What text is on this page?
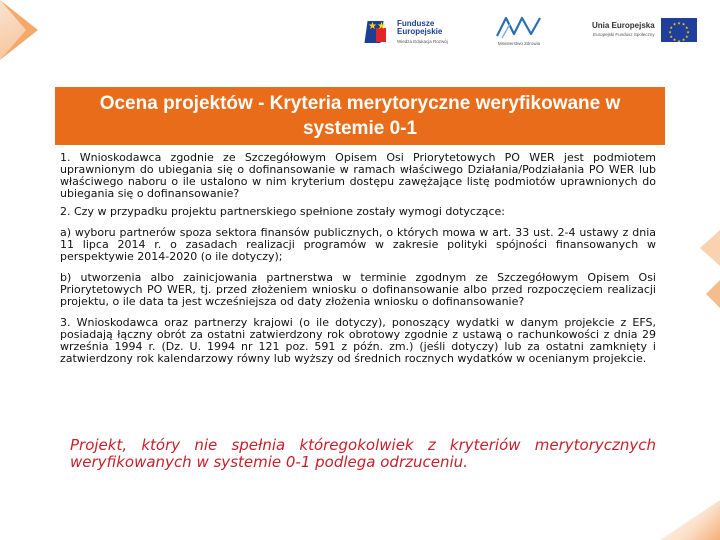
★★ Fundusze
Europejskie
Wiedza Edukacja Rozwój	Ministerstwo Zdrowia
Unia Europejska
Europejski Fundusz Społeczny
★ ★
★
★
★
★
★
★
★
★
★
★
Ocena projektów - Kryteria merytoryczne weryfikowane w systemie 0-1

1. Wnioskodawca zgodnie ze Szczegółowym Opisem Osi Priorytetowych PO WER jest podmiotem uprawnionym do ubiegania się o dofinansowanie w ramach właściwego Działania/Podziałania PO WER lub właściwego naboru o ile ustalono w nim kryterium dostępu zawężające listę podmiotów uprawnionych do ubiegania się o dofinansowanie?

2. Czy w przypadku projektu partnerskiego spełnione zostały wymogi dotyczące:

a) wyboru partnerów spoza sektora finansów publicznych, o których mowa w art. 33 ust. 2-4 ustawy z dnia 11 lipca 2014 r. o zasadach realizacji programów w zakresie polityki spójności finansowanych w perspektywie 2014-2020 (o ile dotyczy);

b) utworzenia albo zainicjowania partnerstwa w terminie zgodnym ze Szczegółowym Opisem Osi Priorytetowych PO WER, tj. przed złożeniem wniosku o dofinansowanie albo przed rozpoczęciem realizacji projektu, o ile data ta jest wcześniejsza od daty złożenia wniosku o dofinansowanie?

3. Wnioskodawca oraz partnerzy krajowi (o ile dotyczy), ponoszący wydatki w danym projekcie z EFS, posiadają łączny obrót za ostatni zatwierdzony rok obrotowy zgodnie z ustawą o rachunkowości z dnia 29 września 1994 r. (Dz. U. 1994 nr 121 poz. 591 z późn. zm.) (jeśli dotyczy) lub za ostatni zamknięty i zatwierdzony rok kalendarzowy równy lub wyższy od średnich rocznych wydatków w ocenianym projekcie.

Projekt, który nie spełnia któregokolwiek z kryteriów merytorycznych weryfikowanych w systemie 0-1 podlega odrzuceniu.
